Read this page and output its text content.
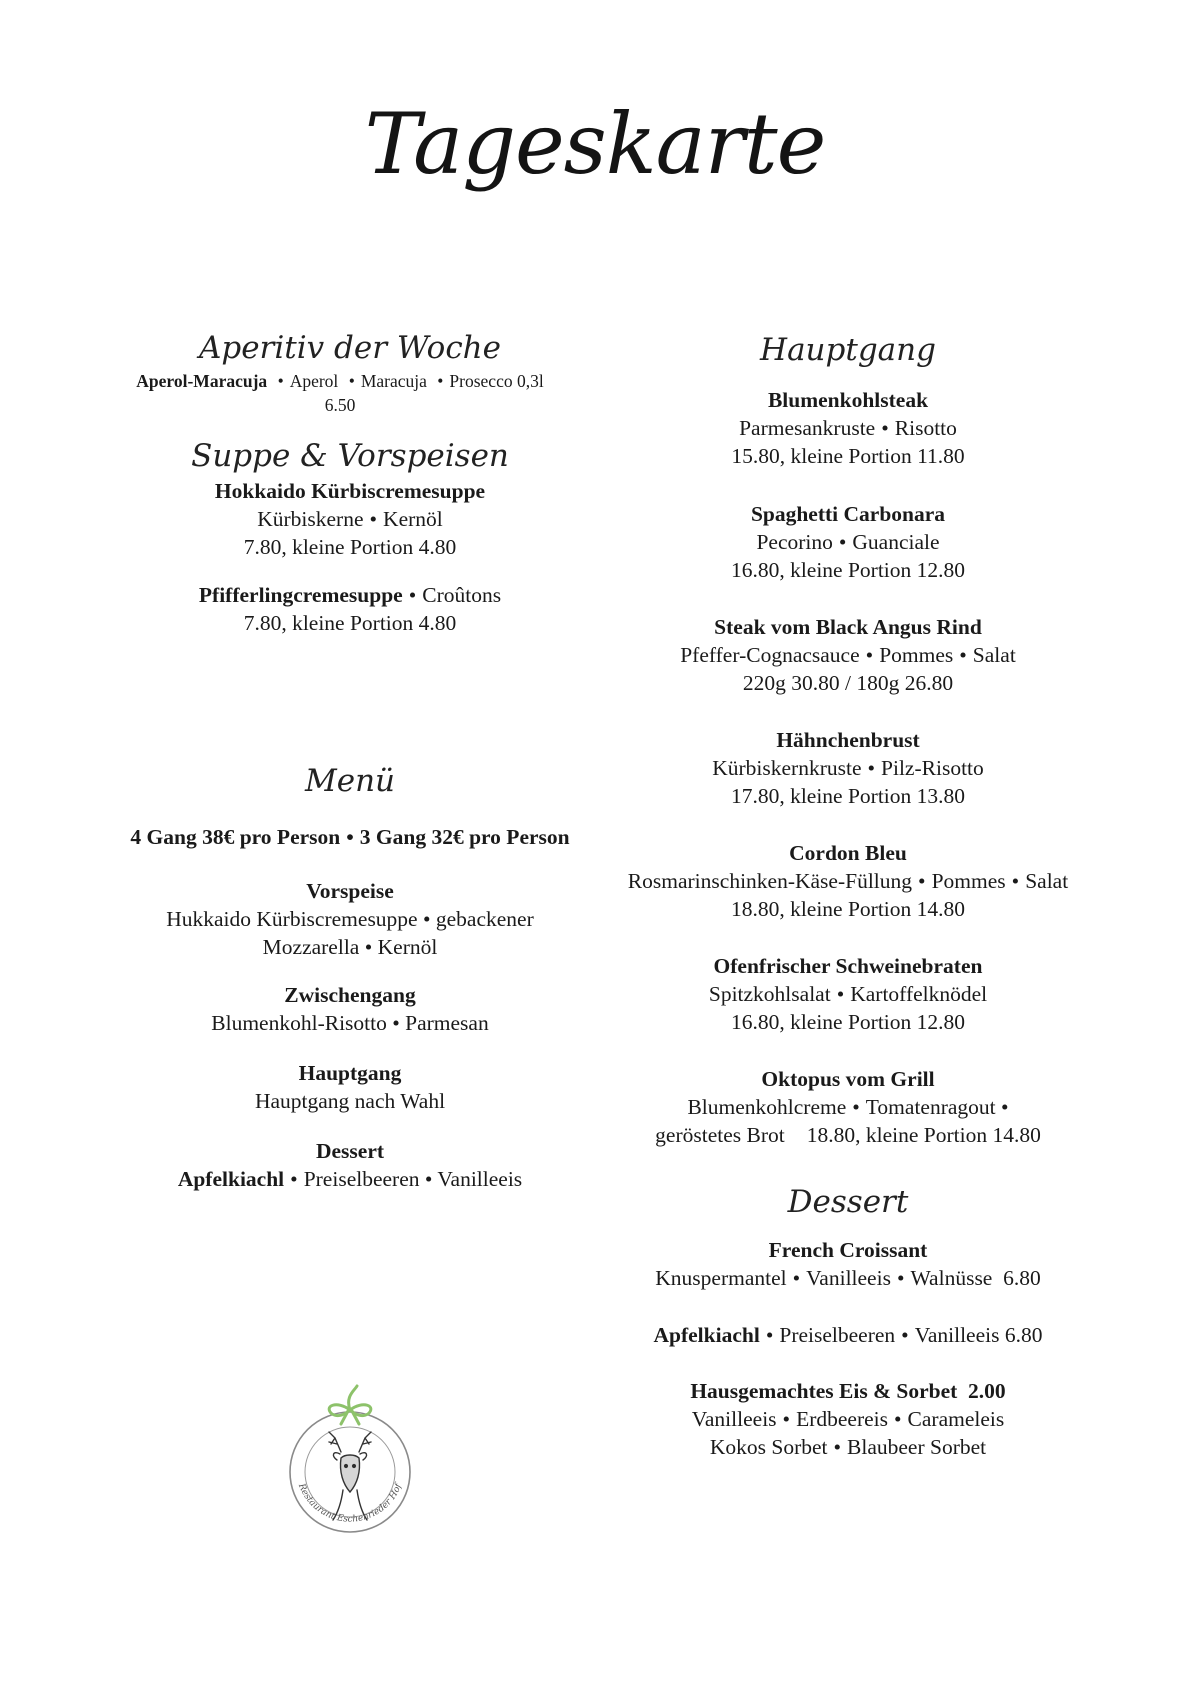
Tageskarte
Aperitiv der Woche
Aperol-Maracuja • Aperol • Maracuja • Prosecco 0,3l
6.50
Suppe & Vorspeisen
Hokkaido Kürbiscremesuppe
Kürbiskerne • Kernöl
7.80, kleine Portion 4.80
Pfifferlingcremesuppe • Croûtons
7.80, kleine Portion 4.80
Menü
4 Gang 38€ pro Person • 3 Gang 32€ pro Person
Vorspeise
Hukkaido Kürbiscremesuppe • gebackener
Mozzarella • Kernöl
Zwischengang
Blumenkohl-Risotto • Parmesan
Hauptgang
Hauptgang nach Wahl
Dessert
Apfelkiachl • Preiselbeeren • Vanilleeis
Hauptgang
Blumenkohlsteak
Parmesankruste • Risotto
15.80, kleine Portion 11.80
Spaghetti Carbonara
Pecorino • Guanciale
16.80, kleine Portion 12.80
Steak vom Black Angus Rind
Pfeffer-Cognacsauce • Pommes • Salat
220g 30.80 / 180g 26.80
Hähnchenbrust
Kürbiskernkruste • Pilz-Risotto
17.80, kleine Portion 13.80
Cordon Bleu
Rosmarinschinken-Käse-Füllung • Pommes • Salat
18.80, kleine Portion 14.80
Ofenfrischer Schweinebraten
Spitzkohlsalat • Kartoffelknödel
16.80, kleine Portion 12.80
Oktopus vom Grill
Blumenkohlcreme • Tomatenragout •
geröstetes Brot 18.80, kleine Portion 14.80
Dessert
French Croissant
Knuspermantel • Vanilleeis • Walnüsse 6.80
Apfelkiachl • Preiselbeeren • Vanilleeis 6.80
Hausgemachtes Eis & Sorbet 2.00
Vanilleeis • Erdbeereis • Carameleis
Kokos Sorbet • Blaubeer Sorbet
Restaurant Eschenrieder Hof
